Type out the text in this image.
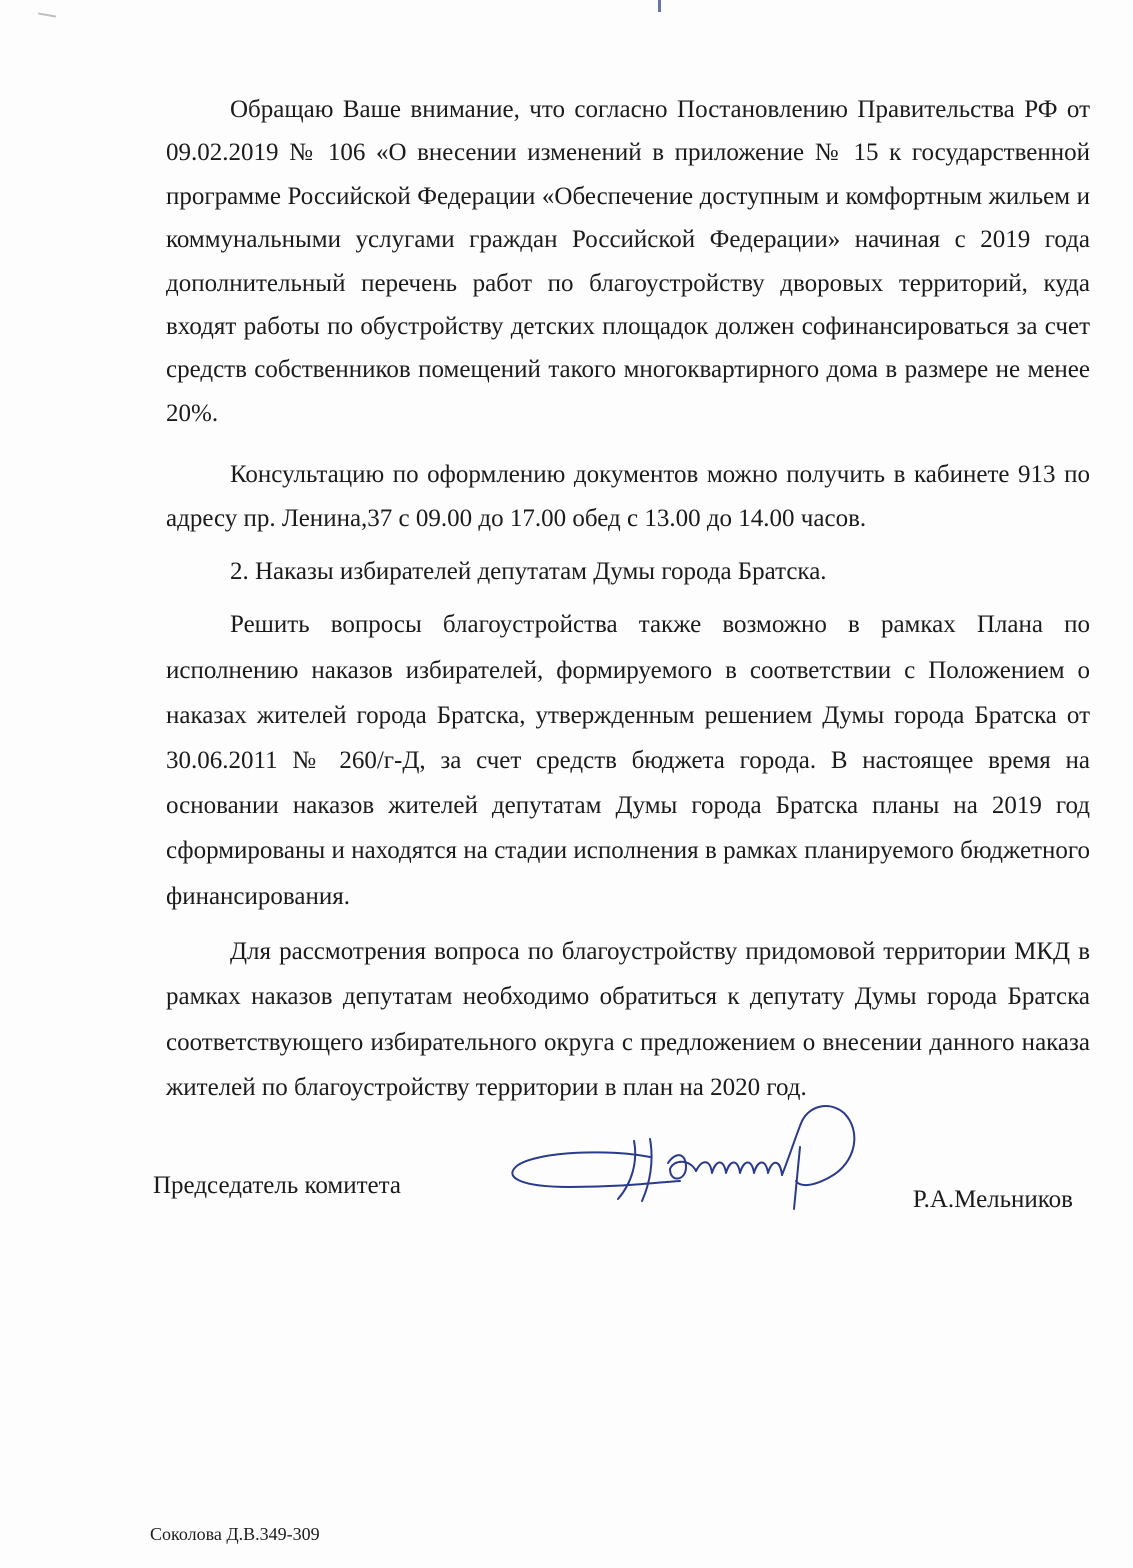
Обращаю Ваше внимание, что согласно Постановлению Правительства РФ от 09.02.2019 № 106 «О внесении изменений в приложение № 15 к государственной программе Российской Федерации «Обеспечение доступным и комфортным жильем и коммунальными услугами граждан Российской Федерации» начиная с 2019 года дополнительный перечень работ по благоустройству дворовых территорий, куда входят работы по обустройству детских площадок должен софинансироваться за счет средств собственников помещений такого многоквартирного дома в размере не менее 20%.

Консультацию по оформлению документов можно получить в кабинете 913 по адресу пр. Ленина,37 с 09.00 до 17.00 обед с 13.00 до 14.00 часов.

2. Наказы избирателей депутатам Думы города Братска.

Решить вопросы благоустройства также возможно в рамках Плана по исполнению наказов избирателей, формируемого в соответствии с Положением о наказах жителей города Братска, утвержденным решением Думы города Братска от 30.06.2011 № 260/г-Д, за счет средств бюджета города. В настоящее время на основании наказов жителей депутатам Думы города Братска планы на 2019 год сформированы и находятся на стадии исполнения в рамках планируемого бюджетного финансирования.

Для рассмотрения вопроса по благоустройству придомовой территории МКД в рамках наказов депутатам необходимо обратиться к депутату Думы города Братска соответствующего избирательного округа с предложением о внесении данного наказа жителей по благоустройству территории в план на 2020 год.

Председатель комитета
Р.А.Мельников
Соколова Д.В.349-309
